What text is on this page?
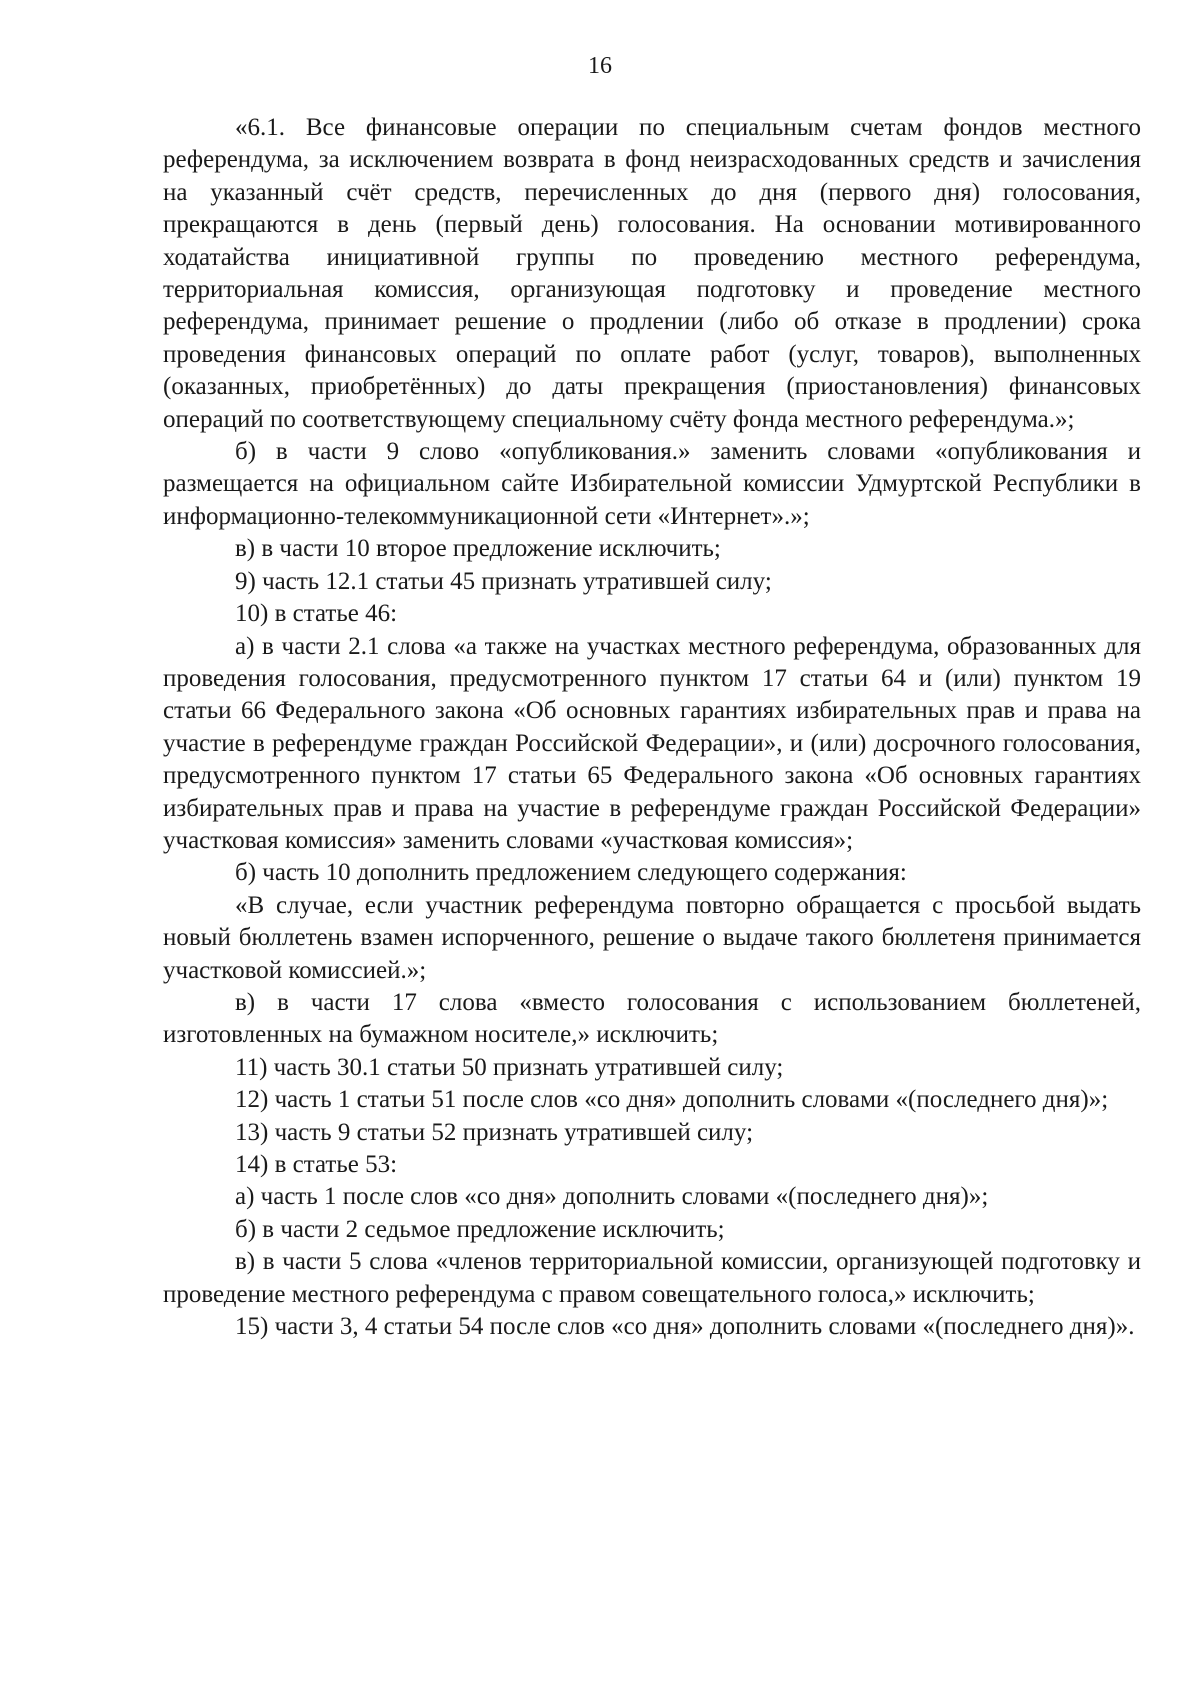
16

«6.1. Все финансовые операции по специальным счетам фондов местного референдума, за исключением возврата в фонд неизрасходованных средств и зачисления на указанный счёт средств, перечисленных до дня (первого дня) голосования, прекращаются в день (первый день) голосования. На основании мотивированного ходатайства инициативной группы по проведению местного референдума, территориальная комиссия, организующая подготовку и проведение местного референдума, принимает решение о продлении (либо об отказе в продлении) срока проведения финансовых операций по оплате работ (услуг, товаров), выполненных (оказанных, приобретённых) до даты прекращения (приостановления) финансовых операций по соответствующему специальному счёту фонда местного референдума.»;

б) в части 9 слово «опубликования.» заменить словами «опубликования и размещается на официальном сайте Избирательной комиссии Удмуртской Республики в информационно-телекоммуникационной сети «Интернет».»;

в) в части 10 второе предложение исключить;

9) часть 12.1 статьи 45 признать утратившей силу;

10) в статье 46:

а) в части 2.1 слова «а также на участках местного референдума, образованных для проведения голосования, предусмотренного пунктом 17 статьи 64 и (или) пунктом 19 статьи 66 Федерального закона «Об основных гарантиях избирательных прав и права на участие в референдуме граждан Российской Федерации», и (или) досрочного голосования, предусмотренного пунктом 17 статьи 65 Федерального закона «Об основных гарантиях избирательных прав и права на участие в референдуме граждан Российской Федерации» участковая комиссия» заменить словами «участковая комиссия»;

б) часть 10 дополнить предложением следующего содержания:

«В случае, если участник референдума повторно обращается с просьбой выдать новый бюллетень взамен испорченного, решение о выдаче такого бюллетеня принимается участковой комиссией.»;

в) в части 17 слова «вместо голосования с использованием бюллетеней, изготовленных на бумажном носителе,» исключить;

11) часть 30.1 статьи 50 признать утратившей силу;

12) часть 1 статьи 51 после слов «со дня» дополнить словами «(последнего дня)»;

13) часть 9 статьи 52 признать утратившей силу;

14) в статье 53:

а) часть 1 после слов «со дня» дополнить словами «(последнего дня)»;

б) в части 2 седьмое предложение исключить;

в) в части 5 слова «членов территориальной комиссии, организующей подготовку и проведение местного референдума с правом совещательного голоса,» исключить;

15) части 3, 4 статьи 54 после слов «со дня» дополнить словами «(последнего дня)».
